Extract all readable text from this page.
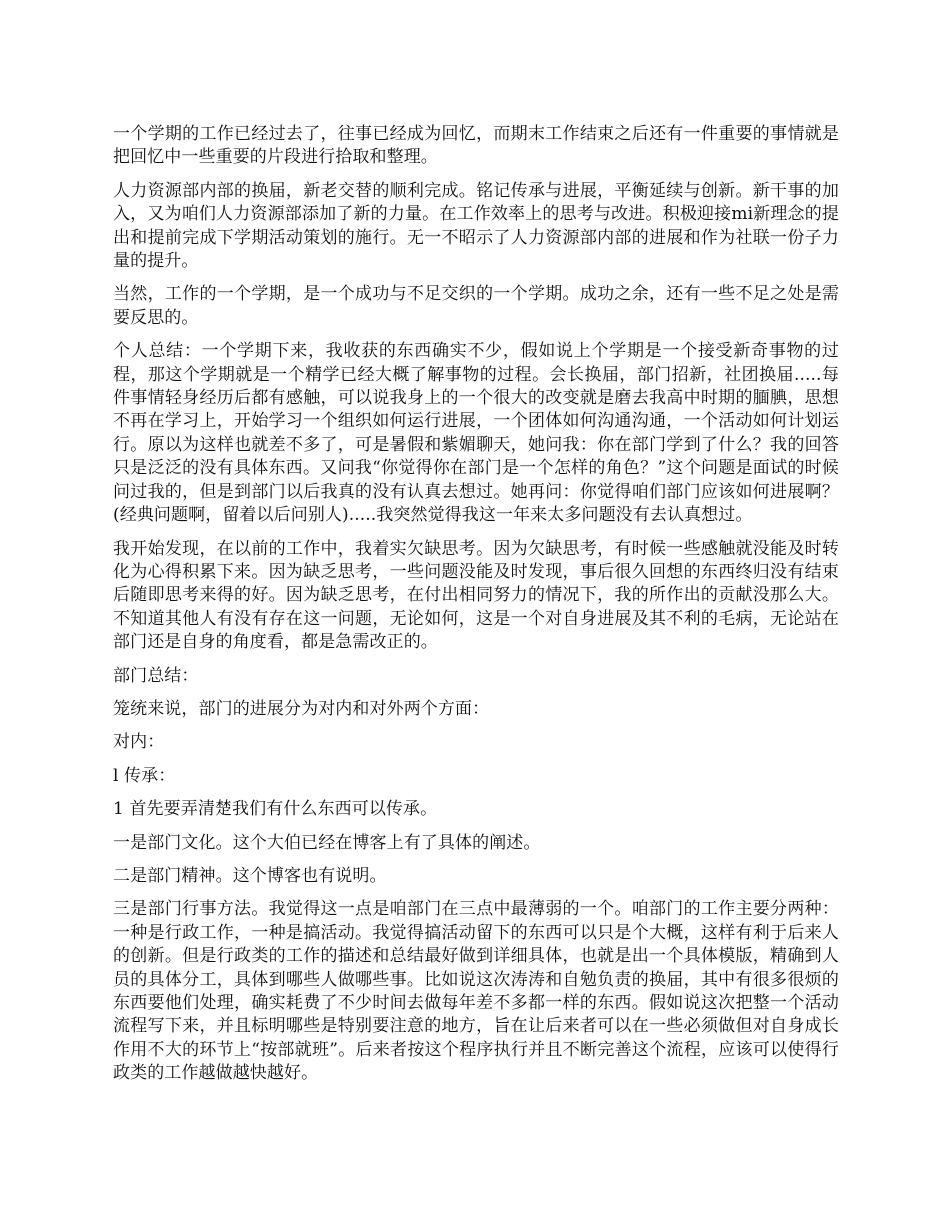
一个学期的工作已经过去了，往事已经成为回忆，而期末工作结束之后还有一件重要的事情就是把回忆中一些重要的片段进行拾取和整理。

人力资源部内部的换届，新老交替的顺利完成。铭记传承与进展，平衡延续与创新。新干事的加入，又为咱们人力资源部添加了新的力量。在工作效率上的思考与改进。积极迎接mi新理念的提出和提前完成下学期活动策划的施行。无一不昭示了人力资源部内部的进展和作为社联一份子力量的提升。

当然，工作的一个学期，是一个成功与不足交织的一个学期。成功之余，还有一些不足之处是需要反思的。

个人总结：一个学期下来，我收获的东西确实不少，假如说上个学期是一个接受新奇事物的过程，那这个学期就是一个精学已经大概了解事物的过程。会长换届，部门招新，社团换届.....每件事情轻身经历后都有感触，可以说我身上的一个很大的改变就是磨去我高中时期的腼腆，思想不再在学习上，开始学习一个组织如何运行进展，一个团体如何沟通沟通，一个活动如何计划运行。原以为这样也就差不多了，可是暑假和紫媚聊天，她问我：你在部门学到了什么？我的回答只是泛泛的没有具体东西。又问我“你觉得你在部门是一个怎样的角色？”这个问题是面试的时候问过我的，但是到部门以后我真的没有认真去想过。她再问：你觉得咱们部门应该如何进展啊？(经典问题啊，留着以后问别人).....我突然觉得我这一年来太多问题没有去认真想过。

我开始发现，在以前的工作中，我着实欠缺思考。因为欠缺思考，有时候一些感触就没能及时转化为心得积累下来。因为缺乏思考，一些问题没能及时发现，事后很久回想的东西终归没有结束后随即思考来得的好。因为缺乏思考，在付出相同努力的情况下，我的所作出的贡献没那么大。不知道其他人有没有存在这一问题，无论如何，这是一个对自身进展及其不利的毛病，无论站在部门还是自身的角度看，都是急需改正的。

部门总结：

笼统来说，部门的进展分为对内和对外两个方面：

对内：

l 传承：

1 首先要弄清楚我们有什么东西可以传承。

一是部门文化。这个大伯已经在博客上有了具体的阐述。

二是部门精神。这个博客也有说明。

三是部门行事方法。我觉得这一点是咱部门在三点中最薄弱的一个。咱部门的工作主要分两种：一种是行政工作，一种是搞活动。我觉得搞活动留下的东西可以只是个大概，这样有利于后来人的创新。但是行政类的工作的描述和总结最好做到详细具体，也就是出一个具体模版，精确到人员的具体分工，具体到哪些人做哪些事。比如说这次涛涛和自勉负责的换届，其中有很多很烦的东西要他们处理，确实耗费了不少时间去做每年差不多都一样的东西。假如说这次把整一个活动流程写下来，并且标明哪些是特别要注意的地方，旨在让后来者可以在一些必须做但对自身成长作用不大的环节上“按部就班”。后来者按这个程序执行并且不断完善这个流程，应该可以使得行政类的工作越做越快越好。
